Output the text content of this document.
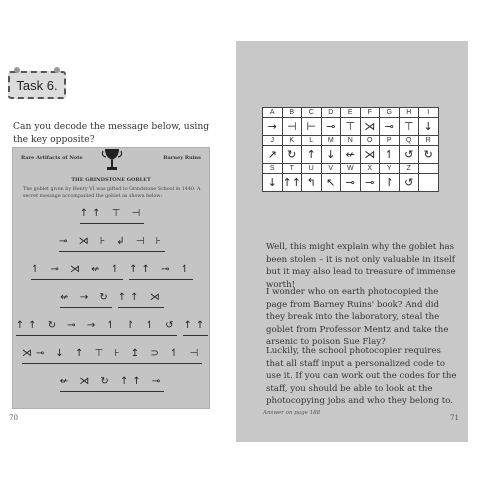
Task 6.
Can you decode the message below, using the key opposite?
Rare Artifacts of Note	Barney Ruins
THE GRINDSTONE GOBLET
The goblet given by Henry VI was gifted to Grindstone School in 1440. A secret message accompanied the goblet as shown below:
↑↑ ⊤ ⊣
⊸ ⋊ ⊦ ↲ ⊣ ⊦
↿ ⊸ ⋊ ↚ ↿ ↑↑ ⊸ ↿
↚ → ↻ ↑↑ ⋊
↑↑ ↻ ⊸ → ↿ ↾ ↿ ↺ ↑↑
⋊⊸ ↓ ↑ ⊤ ⊦ ↥ ⊃ ↿ ⊣
↚ ⋊ ↻ ↑↑ ⊸
70
A	B	C	D	E	F	G	H	I
→	⊣	⊢	⊸	⊤	⋊	⊸	⊤	↓
J	K	L	M	N	O	P	Q	R
↗	↻	↑	↓	↚	⋊	↿	↺	↻
S	T	U	V	W	X	Y	Z	
↓	↑↑	↰	↖	⊸	⊸	↾	↺	
Well, this might explain why the goblet has been stolen – it is not only valuable in itself but it may also lead to treasure of immense worth!
I wonder who on earth photocopied the page from Barney Ruins' book? And did they break into the laboratory, steal the goblet from Professor Mentz and take the arsenic to poison Sue Flay?
Luckily, the school photocopier requires that all staff input a personalized code to use it. If you can work out the codes for the staff, you should be able to look at the photocopying jobs and who they belong to.
Answer on page 188
71
